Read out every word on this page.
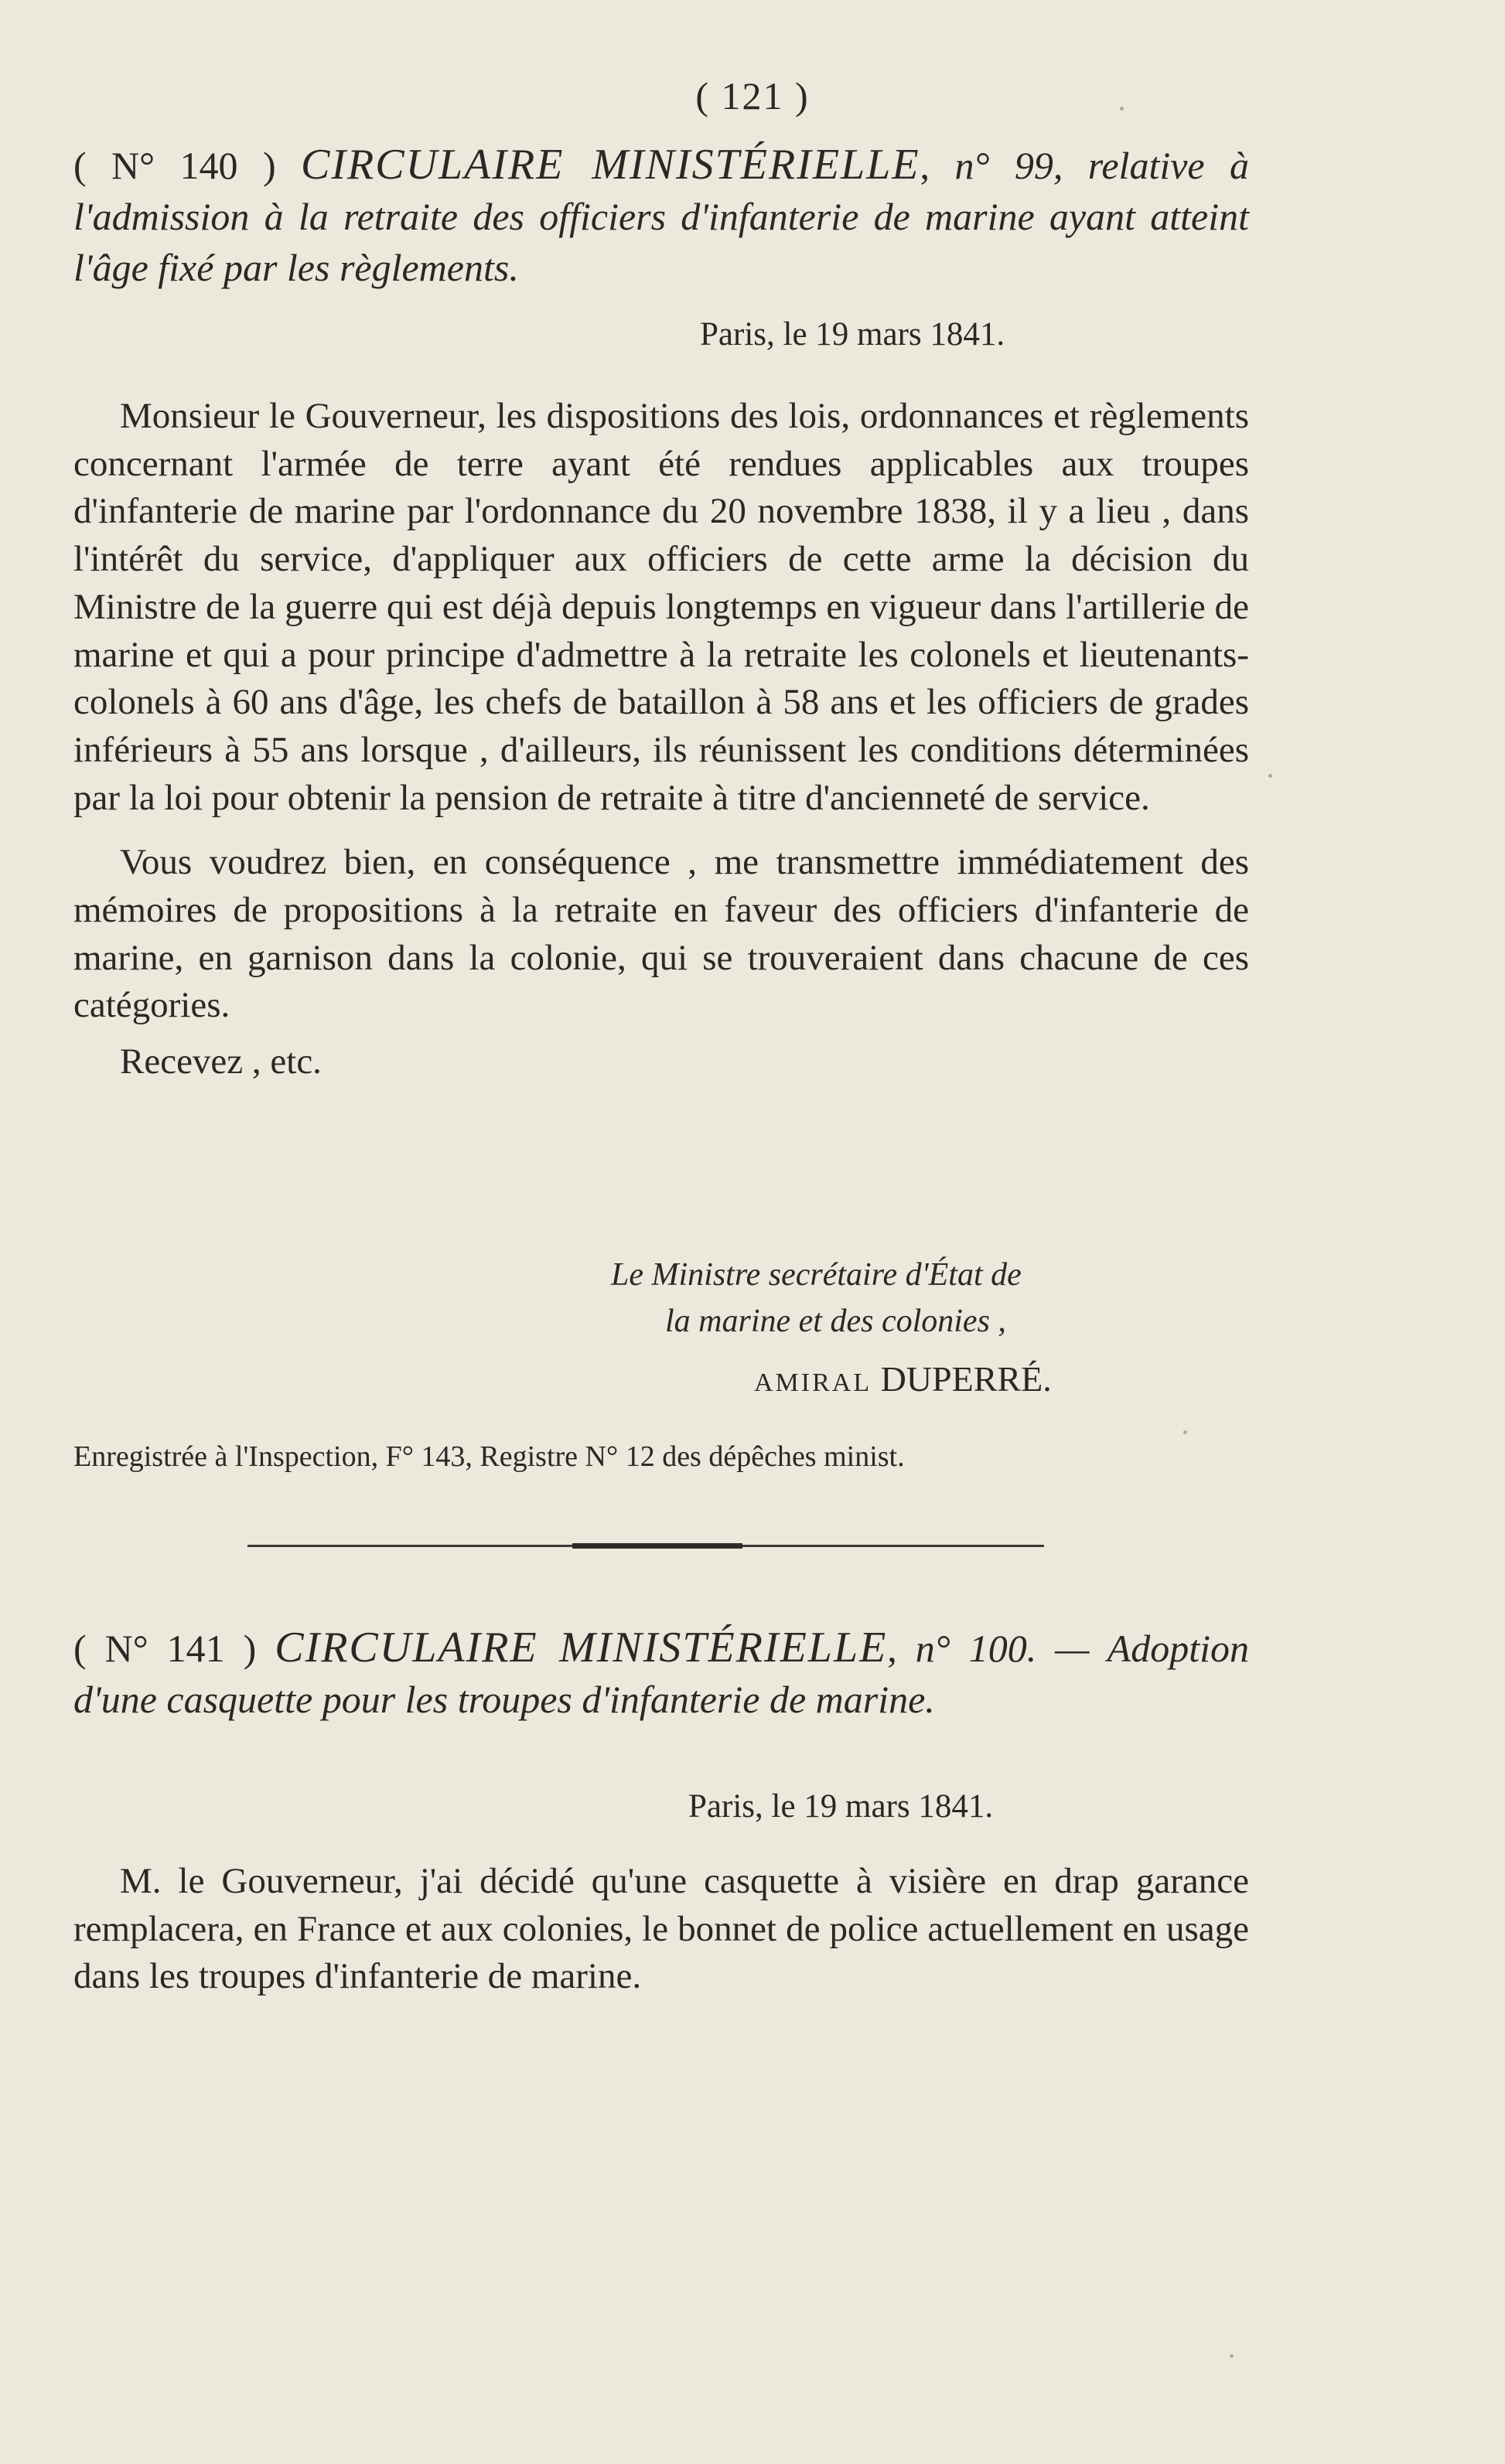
( 121 )
( N° 140 ) CIRCULAIRE MINISTÉRIELLE, n° 99, relative à l'admission à la retraite des officiers d'infanterie de marine ayant atteint l'âge fixé par les règlements.
Paris, le 19 mars 1841.

Monsieur le Gouverneur, les dispositions des lois, ordonnances et règlements concernant l'armée de terre ayant été rendues applicables aux troupes d'infanterie de marine par l'ordonnance du 20 novembre 1838, il y a lieu , dans l'intérêt du service, d'appliquer aux officiers de cette arme la décision du Ministre de la guerre qui est déjà depuis longtemps en vigueur dans l'artillerie de marine et qui a pour principe d'admettre à la retraite les colonels et lieutenants-colonels à 60 ans d'âge, les chefs de bataillon à 58 ans et les officiers de grades inférieurs à 55 ans lorsque , d'ailleurs, ils réunissent les conditions déterminées par la loi pour obtenir la pension de retraite à titre d'ancienneté de service.

Vous voudrez bien, en conséquence , me transmettre immédiatement des mémoires de propositions à la retraite en faveur des officiers d'infanterie de marine, en garnison dans la colonie, qui se trouveraient dans chacune de ces catégories.

Recevez , etc.
Le Ministre secrétaire d'État de
la marine et des colonies ,
AMIRAL DUPERRÉ.
Enregistrée à l'Inspection, F° 143, Registre N° 12 des dépêches minist.
( N° 141 ) CIRCULAIRE MINISTÉRIELLE, n° 100. — Adoption d'une casquette pour les troupes d'infanterie de marine.
Paris, le 19 mars 1841.

M. le Gouverneur, j'ai décidé qu'une casquette à visière en drap garance remplacera, en France et aux colonies, le bonnet de police actuellement en usage dans les troupes d'infanterie de marine.
